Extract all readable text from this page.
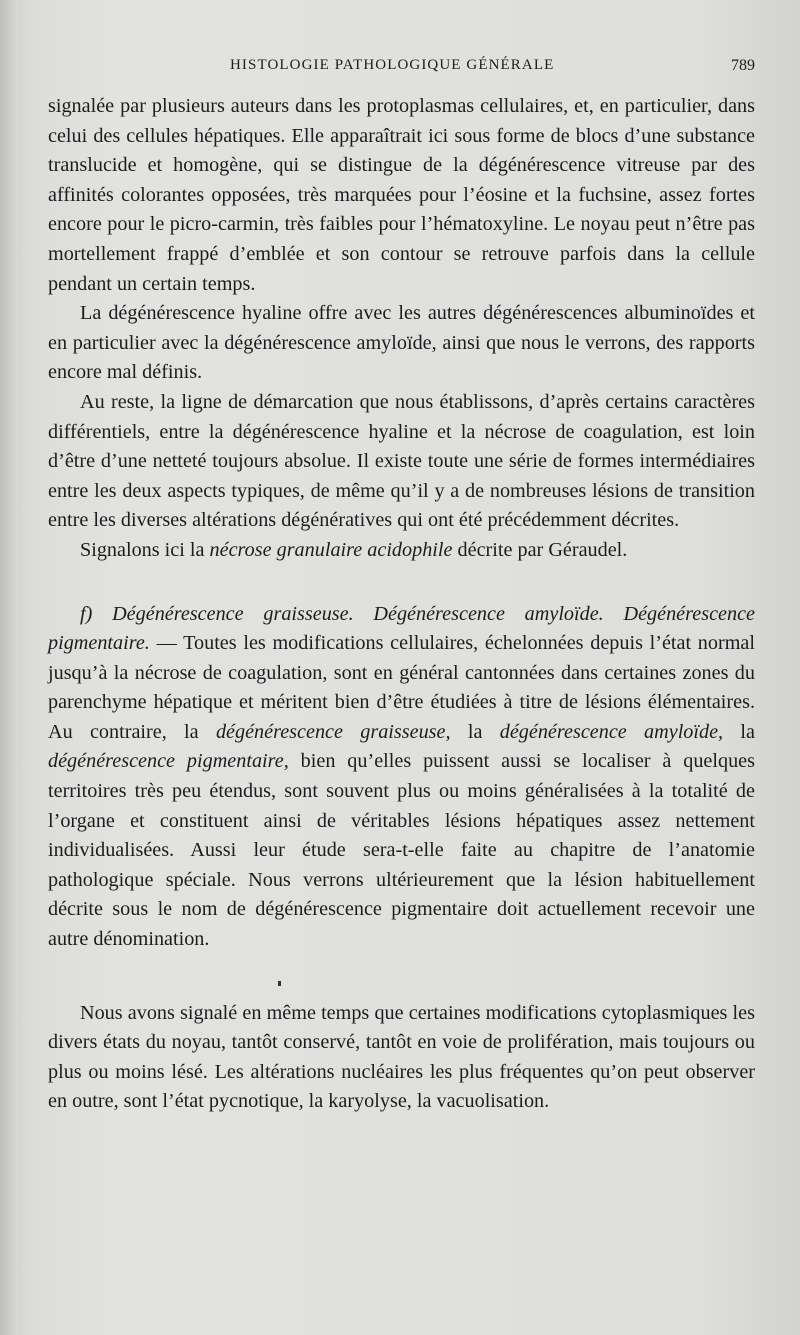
HISTOLOGIE PATHOLOGIQUE GÉNÉRALE	789

signalée par plusieurs auteurs dans les protoplasmas cellulaires, et, en particulier, dans celui des cellules hépatiques. Elle apparaîtrait ici sous forme de blocs d’une substance translucide et homogène, qui se distingue de la dégénérescence vitreuse par des affinités colorantes opposées, très marquées pour l’éosine et la fuchsine, assez fortes encore pour le picro-carmin, très faibles pour l’hématoxyline. Le noyau peut n’être pas mortellement frappé d’emblée et son contour se retrouve parfois dans la cellule pendant un certain temps.

La dégénérescence hyaline offre avec les autres dégénérescences albuminoïdes et en particulier avec la dégénérescence amyloïde, ainsi que nous le verrons, des rapports encore mal définis.

Au reste, la ligne de démarcation que nous établissons, d’après certains caractères différentiels, entre la dégénérescence hyaline et la nécrose de coagulation, est loin d’être d’une netteté toujours absolue. Il existe toute une série de formes intermédiaires entre les deux aspects typiques, de même qu’il y a de nombreuses lésions de transition entre les diverses altérations dégénératives qui ont été précédemment décrites.

Signalons ici la nécrose granulaire acidophile décrite par Géraudel.

f) Dégénérescence graisseuse. Dégénérescence amyloïde. Dégénérescence pigmentaire. — Toutes les modifications cellulaires, échelonnées depuis l’état normal jusqu’à la nécrose de coagulation, sont en général cantonnées dans certaines zones du parenchyme hépatique et méritent bien d’être étudiées à titre de lésions élémentaires. Au contraire, la dégénérescence graisseuse, la dégénérescence amyloïde, la dégénérescence pigmentaire, bien qu’elles puissent aussi se localiser à quelques territoires très peu étendus, sont souvent plus ou moins généralisées à la totalité de l’organe et constituent ainsi de véritables lésions hépatiques assez nettement individualisées. Aussi leur étude sera-t-elle faite au chapitre de l’anatomie pathologique spéciale. Nous verrons ultérieurement que la lésion habituellement décrite sous le nom de dégénérescence pigmentaire doit actuellement recevoir une autre dénomination.

Nous avons signalé en même temps que certaines modifications cytoplasmiques les divers états du noyau, tantôt conservé, tantôt en voie de prolifération, mais toujours ou plus ou moins lésé. Les altérations nucléaires les plus fréquentes qu’on peut observer en outre, sont l’état pycnotique, la karyolyse, la vacuolisation.
